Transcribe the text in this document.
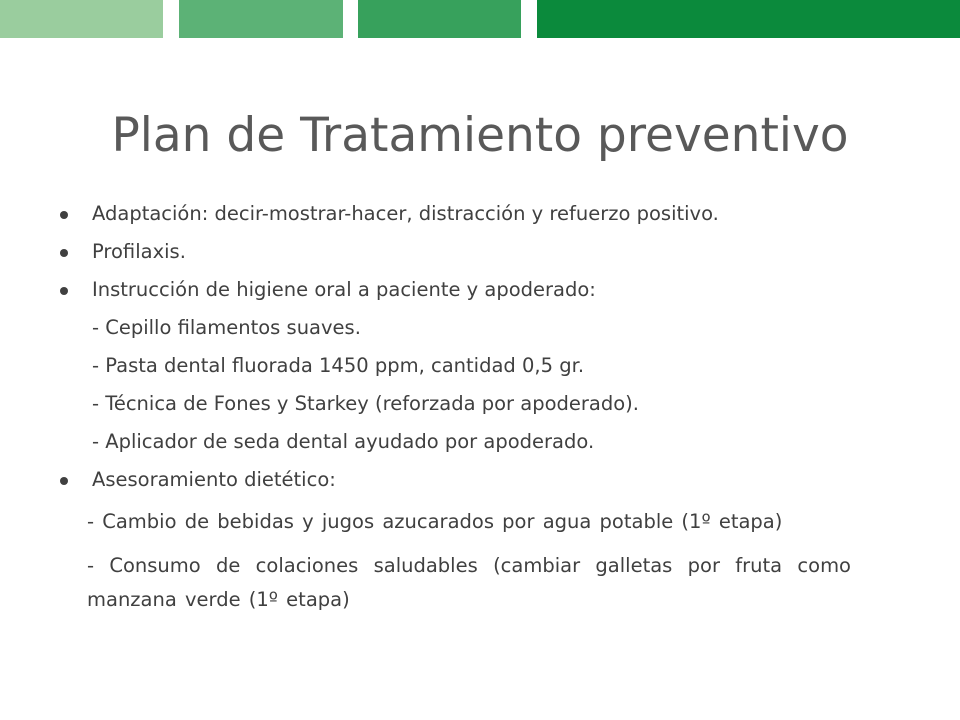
Plan de Tratamiento preventivo
Adaptación: decir-mostrar-hacer, distracción y refuerzo positivo.
Profilaxis.
Instrucción de higiene oral a paciente y apoderado:
- Cepillo filamentos suaves.
- Pasta dental fluorada 1450 ppm, cantidad 0,5 gr.
- Técnica de Fones y Starkey (reforzada por apoderado).
- Aplicador de seda dental ayudado por apoderado.
Asesoramiento dietético:
- Cambio de bebidas y jugos azucarados por agua potable (1º etapa)
- Consumo de colaciones saludables (cambiar galletas por fruta comomanzana verde (1º etapa)
